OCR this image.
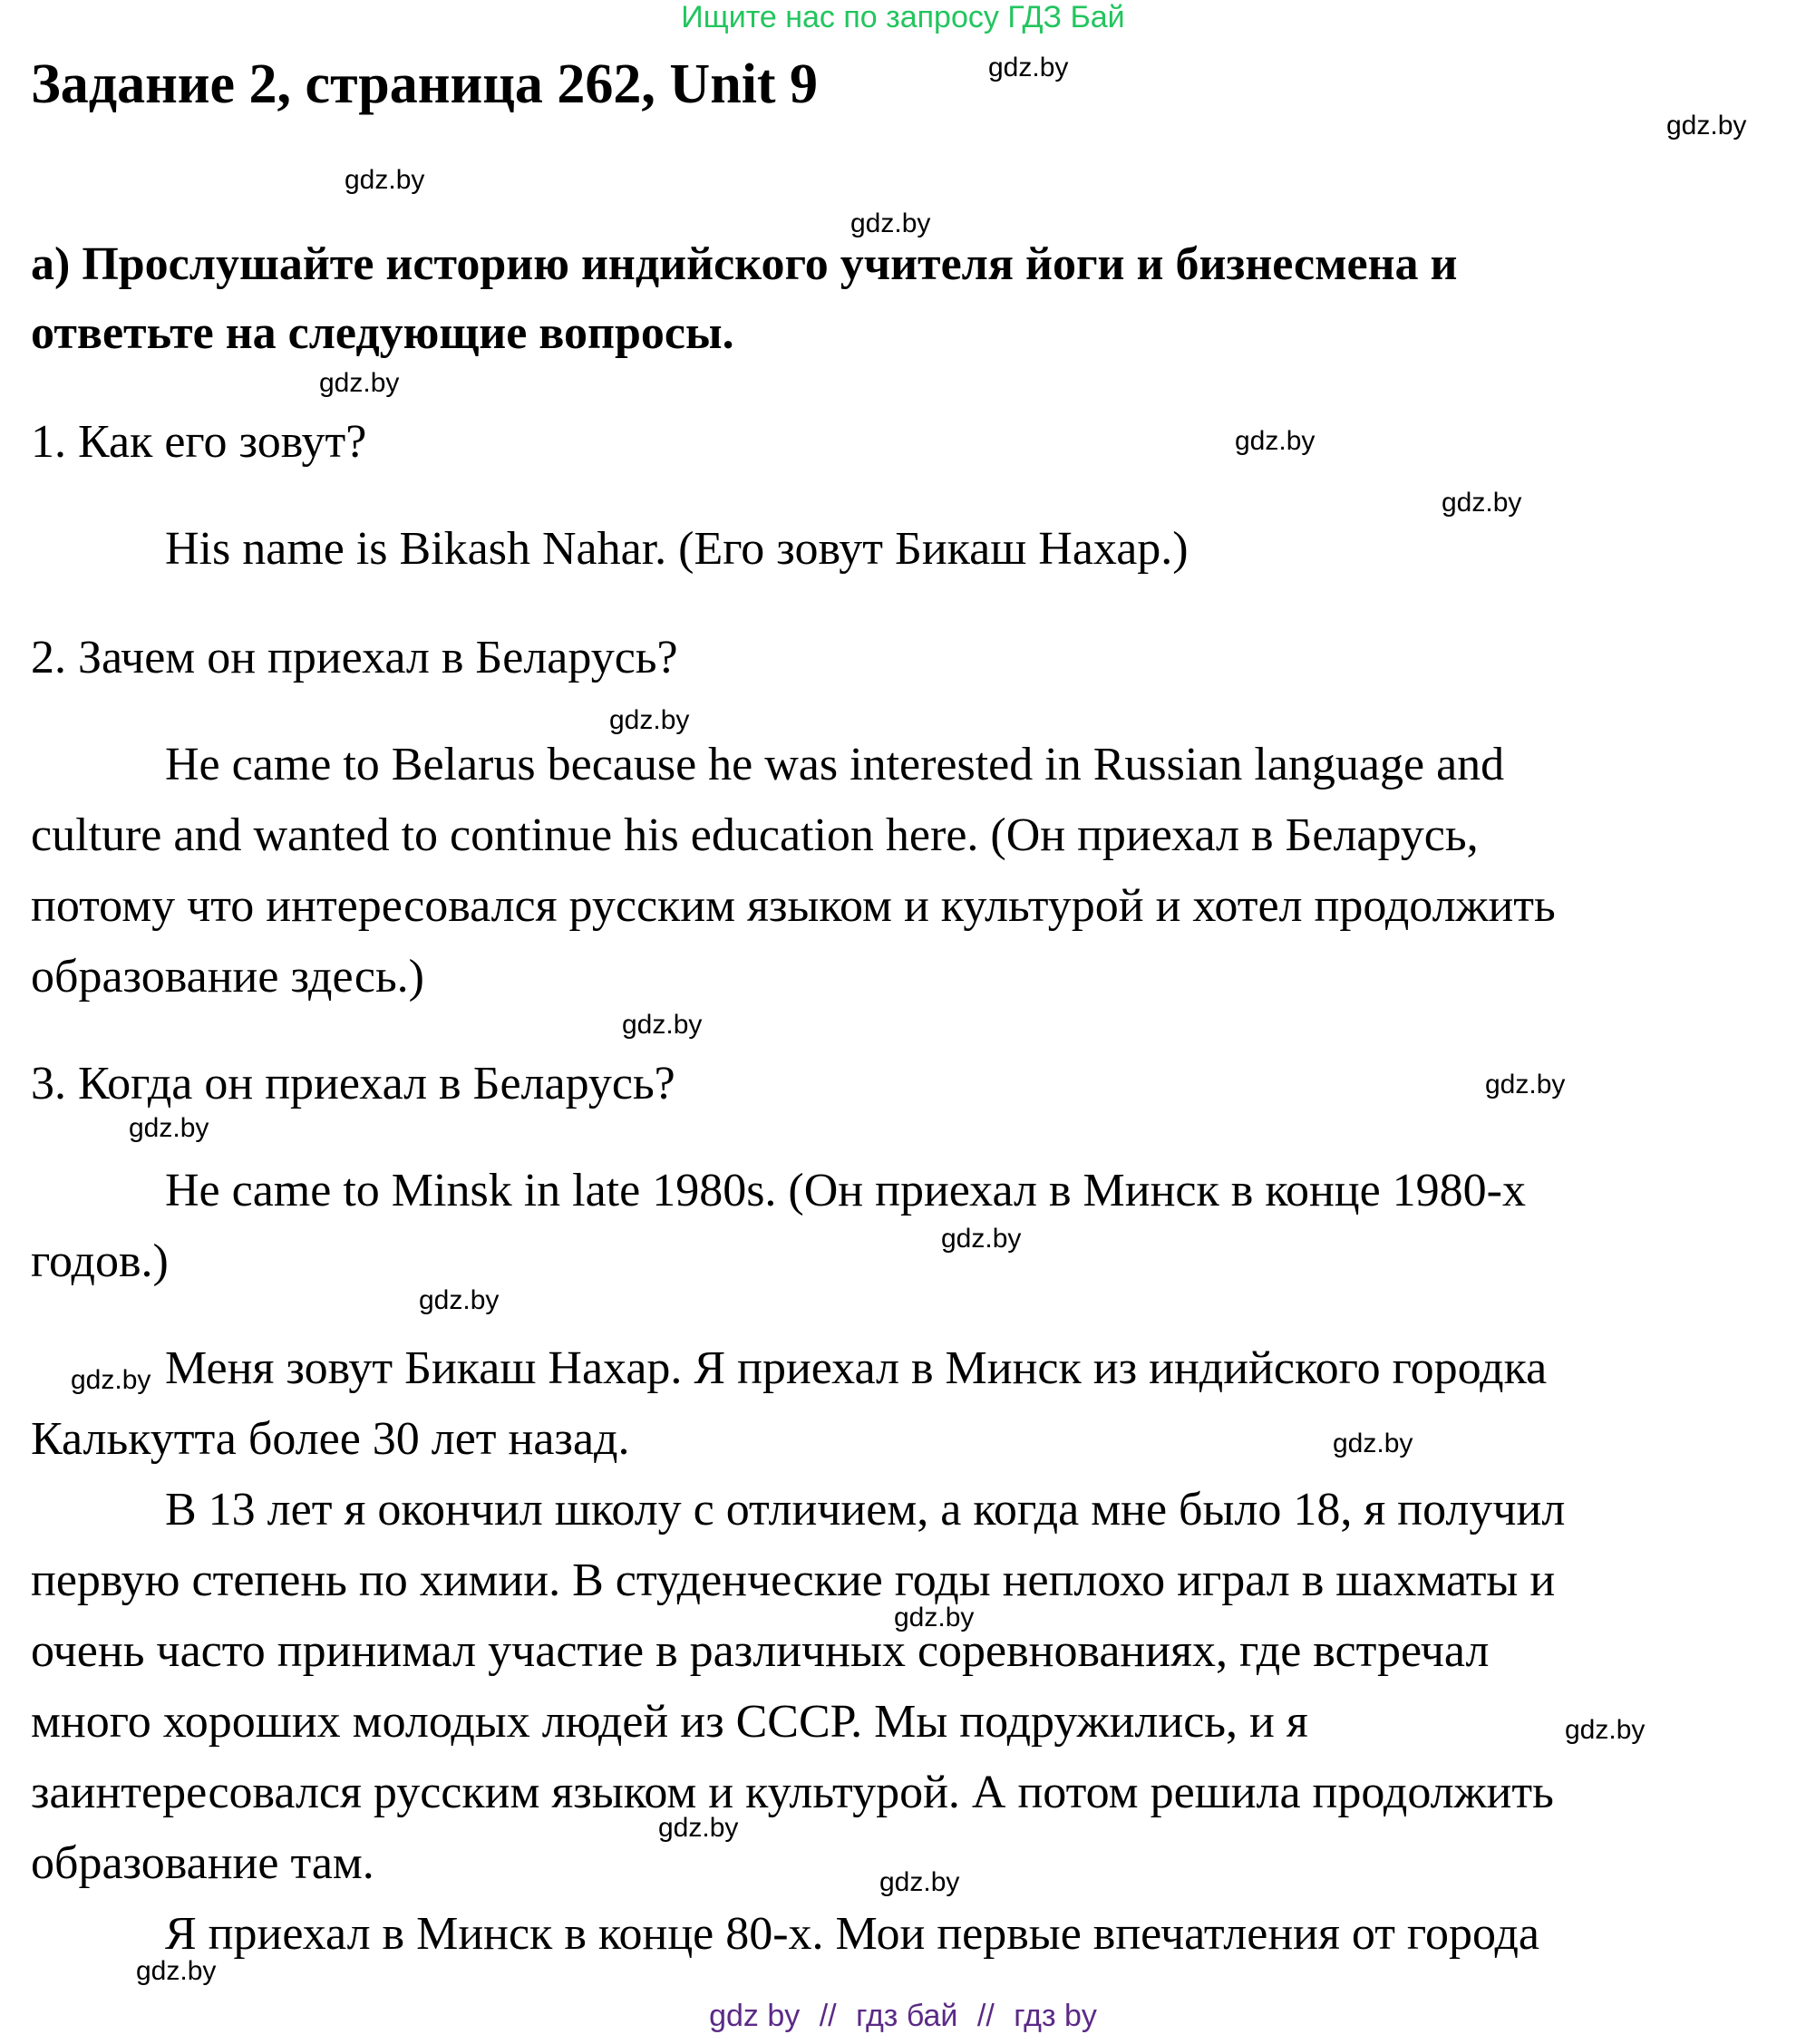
Ищите нас по запросу ГДЗ Бай
Задание 2, страница 262, Unit 9
а) Прослушайте историю индийского учителя йоги и бизнесмена и
ответьте на следующие вопросы.
1. Как его зовут?
His name is Bikash Nahar. (Его зовут Бикаш Нахар.)
2. Зачем он приехал в Беларусь?
He came to Belarus because he was interested in Russian language and
culture and wanted to continue his education here. (Он приехал в Беларусь,
потому что интересовался русским языком и культурой и хотел продолжить
образование здесь.)
3. Когда он приехал в Беларусь?
He came to Minsk in late 1980s. (Он приехал в Минск в конце 1980-х
годов.)
Меня зовут Бикаш Нахар. Я приехал в Минск из индийского городка
Калькутта более 30 лет назад.
В 13 лет я окончил школу с отличием, а когда мне было 18, я получил
первую степень по химии. В студенческие годы неплохо играл в шахматы и
очень часто принимал участие в различных соревнованиях, где встречал
много хороших молодых людей из СССР. Мы подружились, и я
заинтересовался русским языком и культурой. А потом решила продолжить
образование там.
Я приехал в Минск в конце 80-х. Мои первые впечатления от города
gdz.by
gdz.by
gdz.by
gdz.by
gdz.by
gdz.by
gdz.by
gdz.by
gdz.by
gdz.by
gdz.by
gdz.by
gdz.by
gdz.by
gdz.by
gdz.by
gdz.by
gdz.by
gdz.by
gdz.by
gdz by // гдз бай // гдз by
